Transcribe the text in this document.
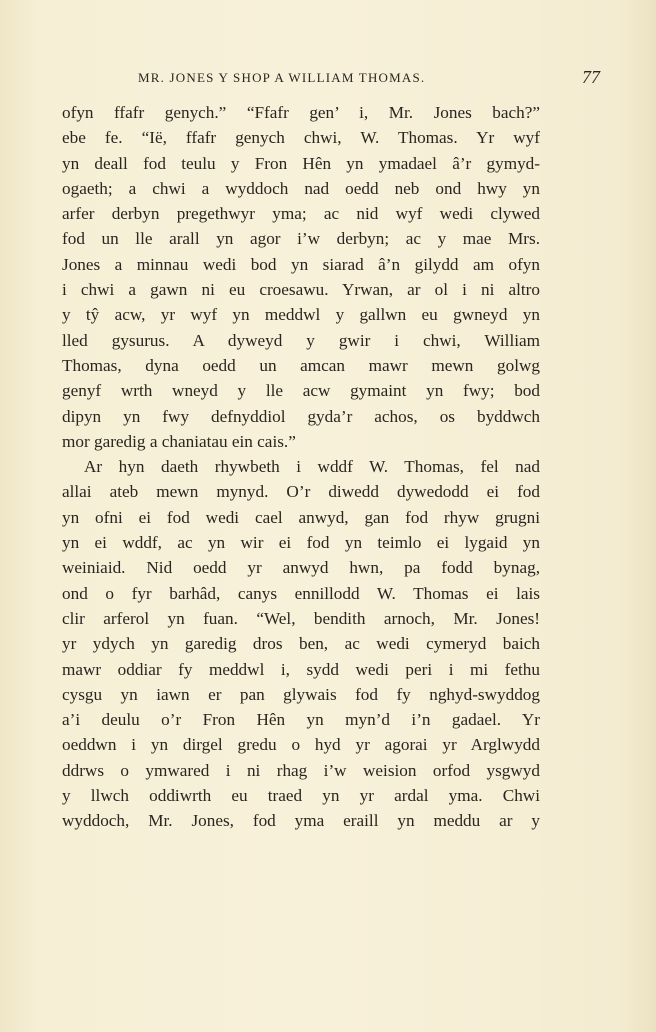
MR. JONES Y SHOP A WILLIAM THOMAS.	77
ofyn ffafr genych.” “Ffafr gen’ i, Mr. Jones bach?”
ebe fe. “Iё, ffafr genych chwi, W. Thomas. Yr wyf
yn deall fod teulu y Fron Hên yn ymadael â’r gymyd-
ogaeth; a chwi a wyddoch nad oedd neb ond hwy yn
arfer derbyn pregethwyr yma; ac nid wyf wedi clywed
fod un lle arall yn agor i’w derbyn; ac y mae Mrs.
Jones a minnau wedi bod yn siarad â’n gilydd am ofyn
i chwi a gawn ni eu croesawu. Yrwan, ar ol i ni altro
y tŷ acw, yr wyf yn meddwl y gallwn eu gwneyd yn
lled gysurus. A dyweyd y gwir i chwi, William
Thomas, dyna oedd un amcan mawr mewn golwg
genyf wrth wneyd y lle acw gymaint yn fwy; bod
dipyn yn fwy defnyddiol gyda’r achos, os byddwch
mor garedig a chaniatau ein cais.”
Ar hyn daeth rhywbeth i wddf W. Thomas, fel nad
allai ateb mewn mynyd. O’r diwedd dywedodd ei fod
yn ofni ei fod wedi cael anwyd, gan fod rhyw grugni
yn ei wddf, ac yn wir ei fod yn teimlo ei lygaid yn
weiniaid. Nid oedd yr anwyd hwn, pa fodd bynag,
ond o fyr barhâd, canys ennillodd W. Thomas ei lais
clir arferol yn fuan. “Wel, bendith arnoch, Mr. Jones!
yr ydych yn garedig dros ben, ac wedi cymeryd baich
mawr oddiar fy meddwl i, sydd wedi peri i mi fethu
cysgu yn iawn er pan glywais fod fy nghyd-swyddog
a’i deulu o’r Fron Hên yn myn’d i’n gadael. Yr
oeddwn i yn dirgel gredu o hyd yr agorai yr Arglwydd
ddrws o ymwared i ni rhag i’w weision orfod ysgwyd
y llwch oddiwrth eu traed yn yr ardal yma. Chwi
wyddoch, Mr. Jones, fod yma eraill yn meddu ar y
